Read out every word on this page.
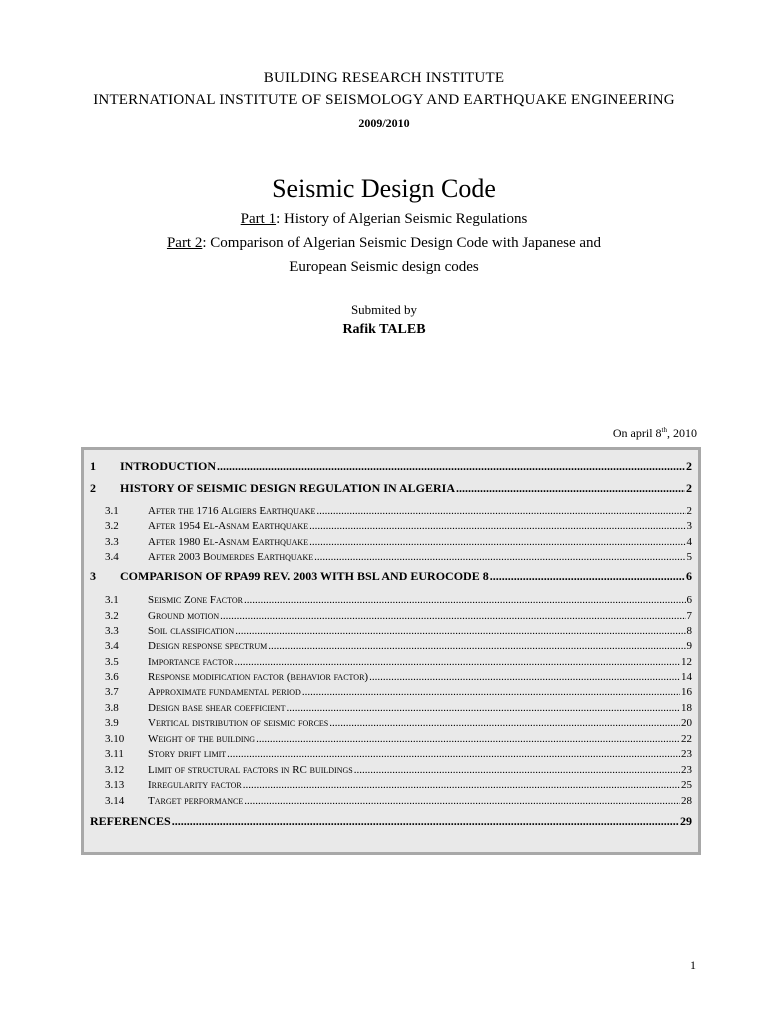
BUILDING RESEARCH INSTITUTE
INTERNATIONAL INSTITUTE OF SEISMOLOGY AND EARTHQUAKE ENGINEERING
2009/2010
Seismic Design Code
Part 1: History of Algerian Seismic Regulations
Part 2: Comparison of Algerian Seismic Design Code with Japanese and
European Seismic design codes
Submited by
Rafik TALEB
On april 8th, 2010
1	INTRODUCTION .....	2
2	HISTORY OF SEISMIC DESIGN REGULATION IN ALGERIA .....	2
3.1	After the 1716 Algiers Earthquake .....	2
3.2	After 1954 El-Asnam Earthquake .....	3
3.3	After 1980 El-Asnam Earthquake .....	4
3.4	After 2003 Boumerdes Earthquake .....	5
3	COMPARISON OF RPA99 REV. 2003 WITH BSL AND EUROCODE 8 .....	6
3.1	Seismic Zone Factor .....	6
3.2	Ground motion .....	7
3.3	Soil classification .....	8
3.4	Design response spectrum .....	9
3.5	Importance factor .....	12
3.6	Response modification factor (behavior factor) .....	14
3.7	Approximate fundamental period .....	16
3.8	Design base shear coefficient .....	18
3.9	Vertical distribution of seismic forces .....	20
3.10	Weight of the building .....	22
3.11	Story drift limit .....	23
3.12	Limit of structural factors in RC buildings .....	23
3.13	Irregularity factor .....	25
3.14	Target performance .....	28
REFERENCES .....	29
1
